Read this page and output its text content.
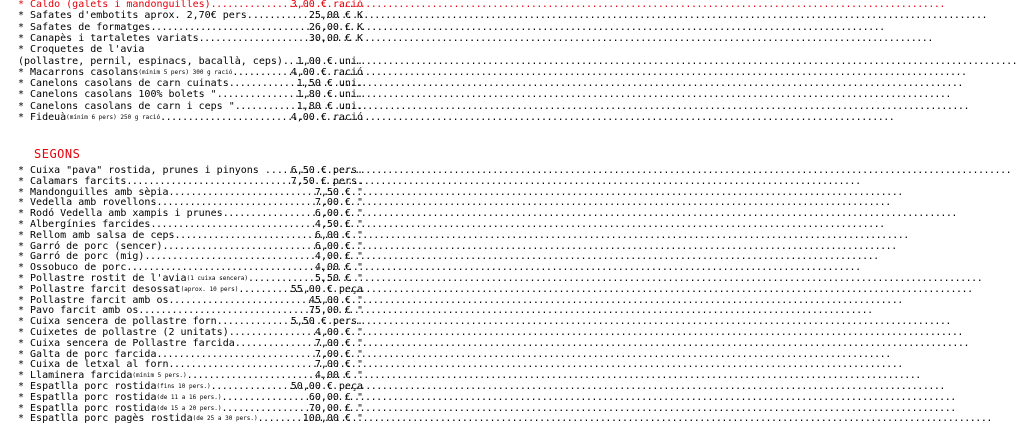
* Caldo (galets i mandonguilles) .....	3,00 € ració
* Safates d'embotits aprox. 2,70€ pers. .....	25,00 € K
* Safates de formatges .....	26,00 € K
* Canapès i tartaletes variats .....	30,00 € K
* Croquetes de l'avia
(pollastre, pernil, espinacs, bacallà, ceps) ..... 1,00 € uni.
* Macarrons casolans (mínim 5 pers) 300 g ració .....	4,00 € ració
* Canelons casolans de carn cuinats .....	1,50 € uni.
* Canelons casolans 100% bolets " .....	1,80 € uni.
* Canelons casolans de carn i ceps " .....	1,80 € uni.
* Fideuà (mínim 6 pers) 250 g ració .....	4,00 € ració
SEGONS
* Cuixa "pava" rostida, prunes i pinyons .. ..... 6,50 € pers.
* Calamars farcits .....	7,50 € pers.
* Mandonguilles amb sèpia .....	7,50 € "
* Vedella amb rovellons .....	7,00 € "
* Rodó Vedella amb xampis i prunes .....	6,00 € "
* Albergínies farcides .....	4,50 € "
* Rellom amb salsa de ceps .....	6,00 € "
* Garró de porc (sencer) .....	6,00 € "
* Garró de porc (mig) .....	4,00 € "
* Ossobuco de porc .....	4,00 € "
* Pollastre rostit de l'avia (1 cuixa sencera) .....	5,50 € "
* Pollastre farcit desossat (aprox. 10 pers) .....	55,00 € peça
* Pollastre farcit amb os .....	45,00 € "
* Pavo farcit amb os .....	75,00 € "
* Cuixa sencera de pollastre forn .....	5,50 € pers.
* Cuixetes de pollastre (2 unitats) .....	4,00 € "
* Cuixa sencera de Pollastre farcida .....	7,00 € "
* Galta de porc farcida .....	7,00 € "
* Cuixa de letxal al forn .....	7,00 € "
* Llaminera farcida (mínim 5 pers.) .....	4,00 € "
* Espatlla porc rostida (fins 10 pers.) .....	50,00 € peça
* Espatlla porc rostida (de 11 a 16 pers.) .....	60,00 € "
* Espatlla porc rostida (de 15 a 20 pers.) .....	70,00 € "
* Espatlla porc pagès rostida (de 25 a 30 pers.) .....	100,00 € "
